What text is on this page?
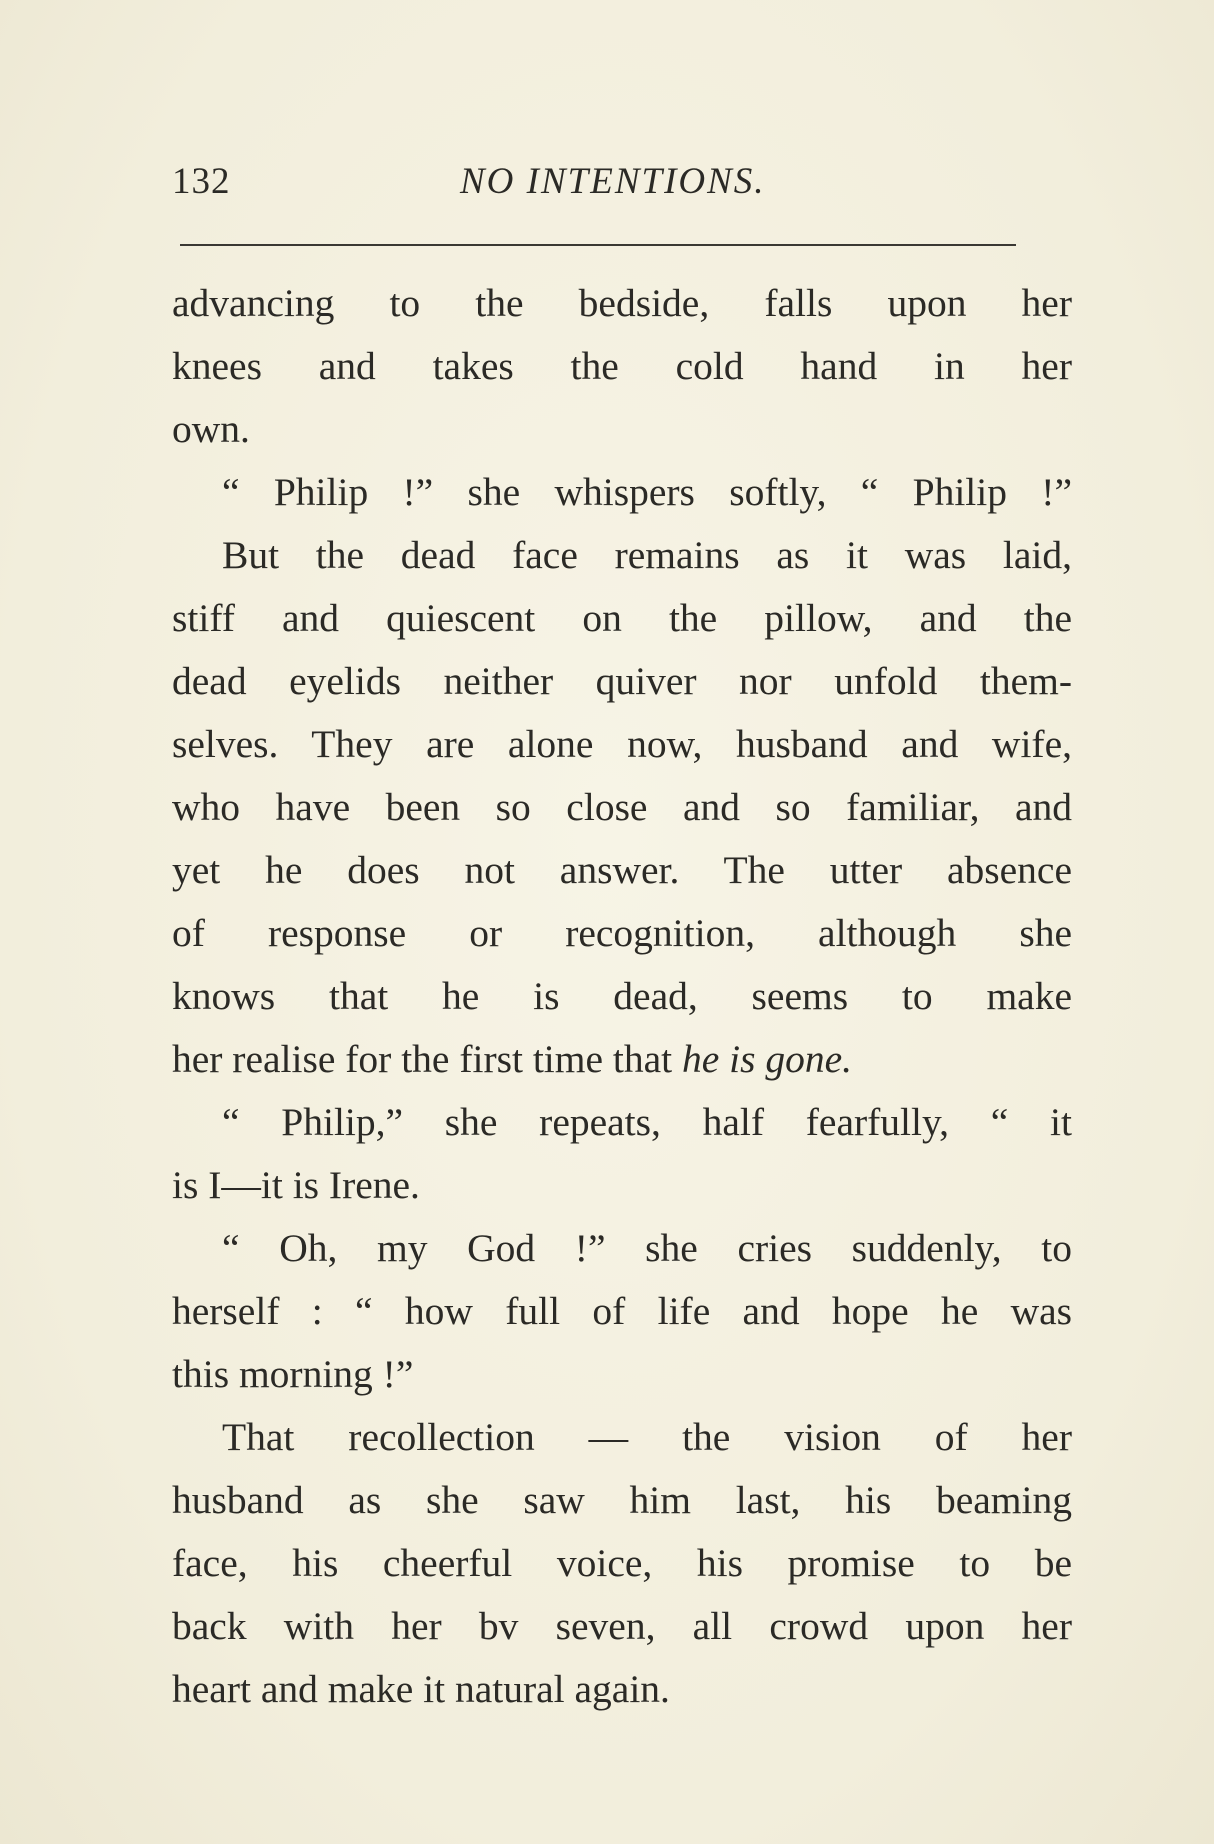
132	NO INTENTIONS.
advancing to the bedside, falls upon her
knees and takes the cold hand in her
own.
“ Philip !” she whispers softly, “ Philip !”
But the dead face remains as it was laid,
stiff and quiescent on the pillow, and the
dead eyelids neither quiver nor unfold them-
selves. They are alone now, husband and wife,
who have been so close and so familiar, and
yet he does not answer. The utter absence
of response or recognition, although she
knows that he is dead, seems to make
her realise for the first time that he is gone.
“ Philip,” she repeats, half fearfully, “ it
is I—it is Irene.
“ Oh, my God !” she cries suddenly, to
herself : “ how full of life and hope he was
this morning !”
That recollection — the vision of her
husband as she saw him last, his beaming
face, his cheerful voice, his promise to be
back with her bv seven, all crowd upon her
heart and make it natural again.
